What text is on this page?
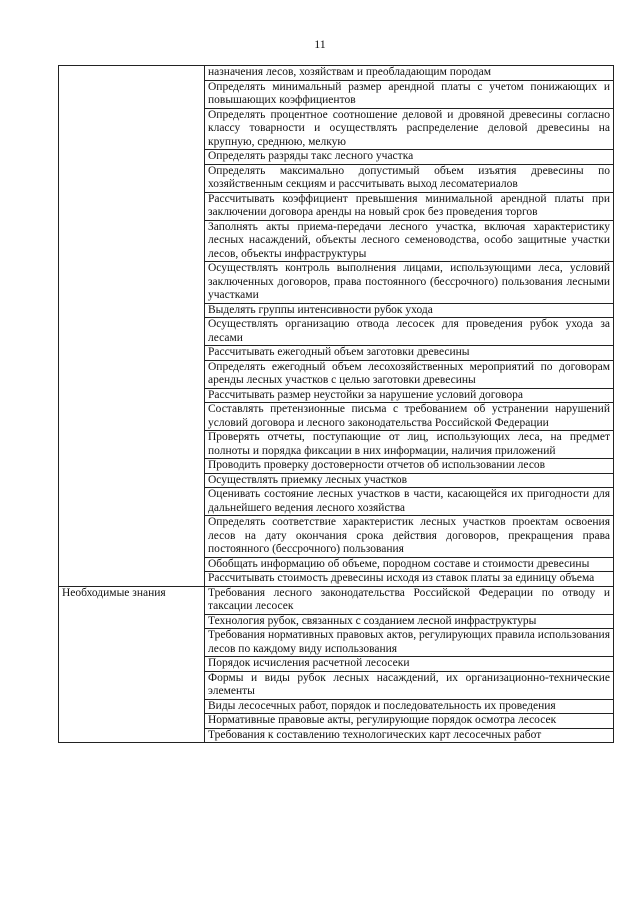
11
	назначения лесов, хозяйствам и преобладающим породам
	Определять минимальный размер арендной платы с учетом понижающих и повышающих коэффициентов
	Определять процентное соотношение деловой и дровяной древесины согласно классу товарности и осуществлять распределение деловой древесины на крупную, среднюю, мелкую
	Определять разряды такс лесного участка
	Определять максимально допустимый объем изъятия древесины по хозяйственным секциям и рассчитывать выход лесоматериалов
	Рассчитывать коэффициент превышения минимальной арендной платы при заключении договора аренды на новый срок без проведения торгов
	Заполнять акты приема-передачи лесного участка, включая характеристику лесных насаждений, объекты лесного семеноводства, особо защитные участки лесов, объекты инфраструктуры
	Осуществлять контроль выполнения лицами, использующими леса, условий заключенных договоров, права постоянного (бессрочного) пользования лесными участками
	Выделять группы интенсивности рубок ухода
	Осуществлять организацию отвода лесосек для проведения рубок ухода за лесами
	Рассчитывать ежегодный объем заготовки древесины
	Определять ежегодный объем лесохозяйственных мероприятий по договорам аренды лесных участков с целью заготовки древесины
	Рассчитывать размер неустойки за нарушение условий договора
	Составлять претензионные письма с требованием об устранении нарушений условий договора и лесного законодательства Российской Федерации
	Проверять отчеты, поступающие от лиц, использующих леса, на предмет полноты и порядка фиксации в них информации, наличия приложений
	Проводить проверку достоверности отчетов об использовании лесов
	Осуществлять приемку лесных участков
	Оценивать состояние лесных участков в части, касающейся их пригодности для дальнейшего ведения лесного хозяйства
	Определять соответствие характеристик лесных участков проектам освоения лесов на дату окончания срока действия договоров, прекращения права постоянного (бессрочного) пользования
	Обобщать информацию об объеме, породном составе и стоимости древесины
	Рассчитывать стоимость древесины исходя из ставок платы за единицу объема
Необходимые знания	Требования лесного законодательства Российской Федерации по отводу и таксации лесосек
	Технология рубок, связанных с созданием лесной инфраструктуры
	Требования нормативных правовых актов, регулирующих правила использования лесов по каждому виду использования
	Порядок исчисления расчетной лесосеки
	Формы и виды рубок лесных насаждений, их организационно-технические элементы
	Виды лесосечных работ, порядок и последовательность их проведения
	Нормативные правовые акты, регулирующие порядок осмотра лесосек
	Требования к составлению технологических карт лесосечных работ
